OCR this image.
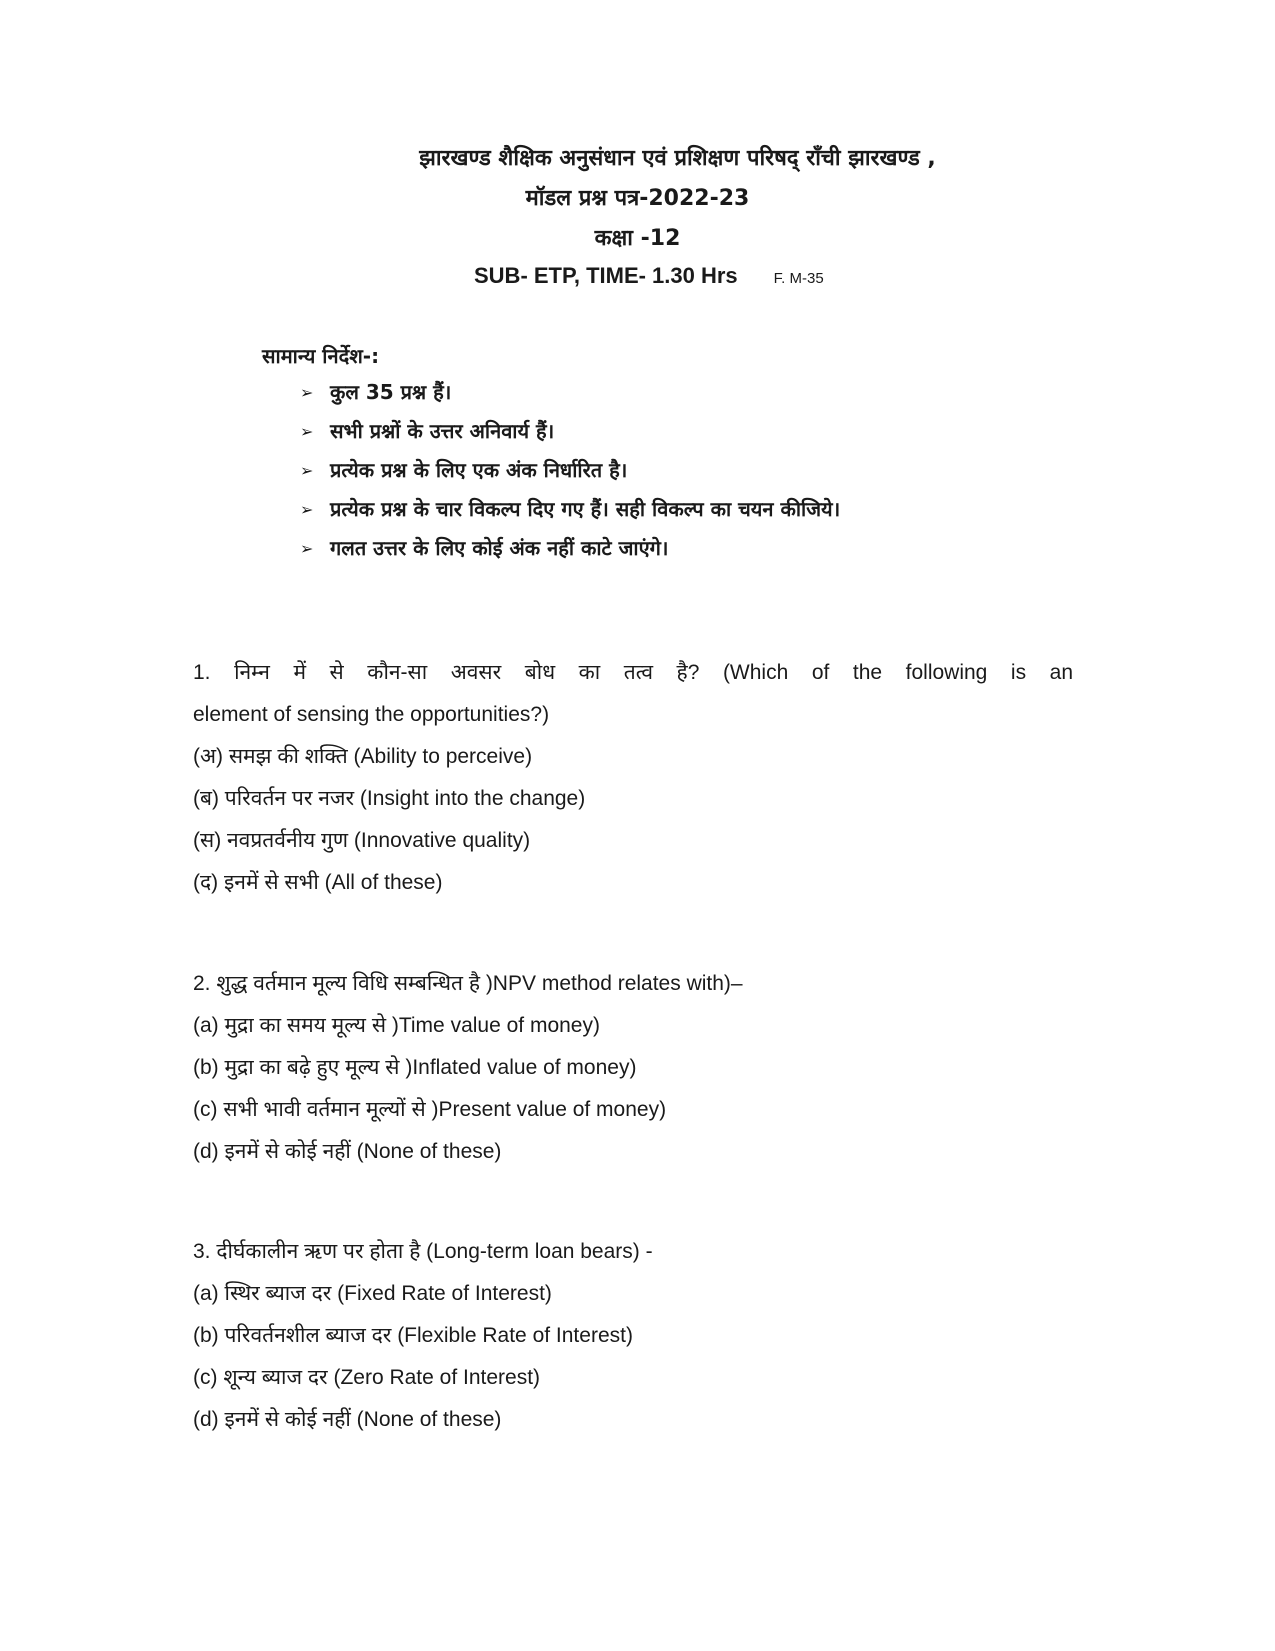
झारखण्ड शैक्षिक अनुसंधान एवं प्रशिक्षण परिषद् राँची झारखण्ड ,
मॉडल प्रश्न पत्र-2022-23
कक्षा -12
SUB- ETP, TIME- 1.30 Hrs F. M-35
सामान्य निर्देश-:
➢ कुल 35 प्रश्न हैं।
➢ सभी प्रश्नों के उत्तर अनिवार्य हैं।
➢ प्रत्येक प्रश्न के लिए एक अंक निर्धारित है।
➢ प्रत्येक प्रश्न के चार विकल्प दिए गए हैं। सही विकल्प का चयन कीजिये।
➢ गलत उत्तर के लिए कोई अंक नहीं काटे जाएंगे।
1. निम्न में से कौन-सा अवसर बोध का तत्व है? (Which of the following is an
element of sensing the opportunities?)
(अ) समझ की शक्ति (Ability to perceive)
(ब) परिवर्तन पर नजर (Insight into the change)
(स) नवप्रतर्वनीय गुण (Innovative quality)
(द) इनमें से सभी (All of these)
2. शुद्ध वर्तमान मूल्य विधि सम्बन्धित है )NPV method relates with)–
(a) मुद्रा का समय मूल्य से )Time value of money)
(b) मुद्रा का बढ़े हुए मूल्य से )Inflated value of money)
(c) सभी भावी वर्तमान मूल्यों से )Present value of money)
(d) इनमें से कोई नहीं (None of these)
3. दीर्घकालीन ऋण पर होता है (Long-term loan bears) -
(a) स्थिर ब्याज दर (Fixed Rate of Interest)
(b) परिवर्तनशील ब्याज दर (Flexible Rate of Interest)
(c) शून्य ब्याज दर (Zero Rate of Interest)
(d) इनमें से कोई नहीं (None of these)
